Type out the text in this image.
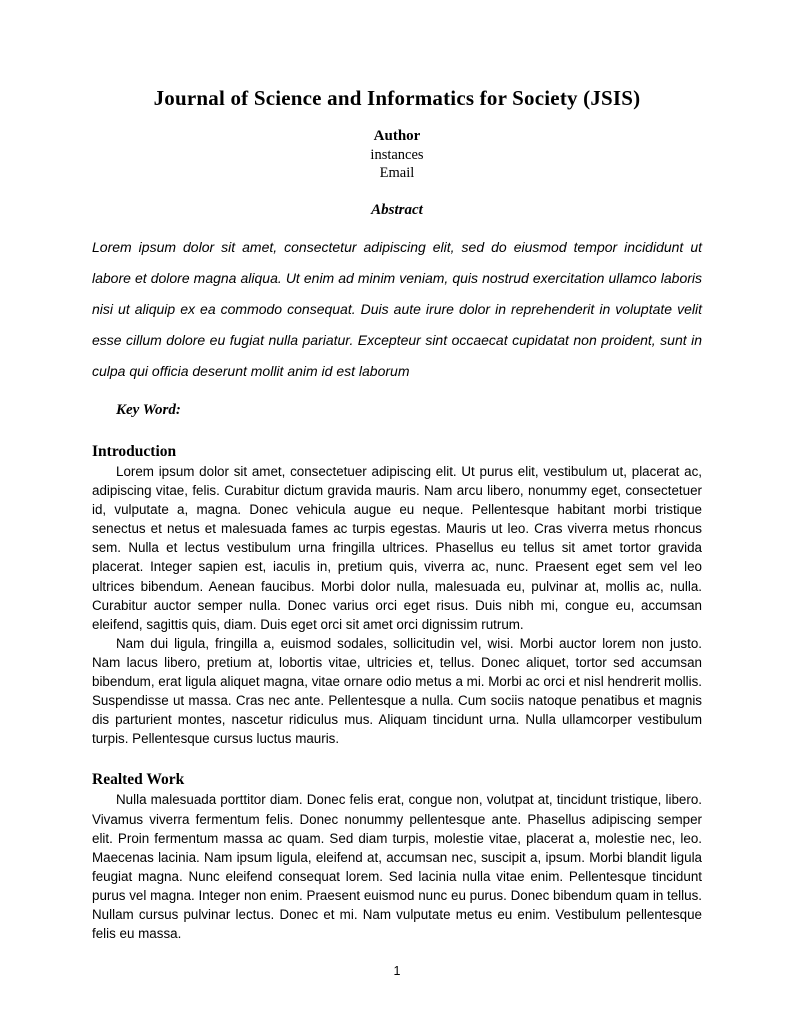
Journal of Science and Informatics for Society (JSIS)
Author
instances
Email
Abstract

Lorem ipsum dolor sit amet, consectetur adipiscing elit, sed do eiusmod tempor incididunt ut labore et dolore magna aliqua. Ut enim ad minim veniam, quis nostrud exercitation ullamco laboris nisi ut aliquip ex ea commodo consequat. Duis aute irure dolor in reprehenderit in voluptate velit esse cillum dolore eu fugiat nulla pariatur. Excepteur sint occaecat cupidatat non proident, sunt in culpa qui officia deserunt mollit anim id est laborum

Key Word:
Introduction

Lorem ipsum dolor sit amet, consectetuer adipiscing elit. Ut purus elit, vestibulum ut, placerat ac, adipiscing vitae, felis. Curabitur dictum gravida mauris. Nam arcu libero, nonummy eget, consectetuer id, vulputate a, magna. Donec vehicula augue eu neque. Pellentesque habitant morbi tristique senectus et netus et malesuada fames ac turpis egestas. Mauris ut leo. Cras viverra metus rhoncus sem. Nulla et lectus vestibulum urna fringilla ultrices. Phasellus eu tellus sit amet tortor gravida placerat. Integer sapien est, iaculis in, pretium quis, viverra ac, nunc. Praesent eget sem vel leo ultrices bibendum. Aenean faucibus. Morbi dolor nulla, malesuada eu, pulvinar at, mollis ac, nulla. Curabitur auctor semper nulla. Donec varius orci eget risus. Duis nibh mi, congue eu, accumsan eleifend, sagittis quis, diam. Duis eget orci sit amet orci dignissim rutrum.

Nam dui ligula, fringilla a, euismod sodales, sollicitudin vel, wisi. Morbi auctor lorem non justo. Nam lacus libero, pretium at, lobortis vitae, ultricies et, tellus. Donec aliquet, tortor sed accumsan bibendum, erat ligula aliquet magna, vitae ornare odio metus a mi. Morbi ac orci et nisl hendrerit mollis. Suspendisse ut massa. Cras nec ante. Pellentesque a nulla. Cum sociis natoque penatibus et magnis dis parturient montes, nascetur ridiculus mus. Aliquam tincidunt urna. Nulla ullamcorper vestibulum turpis. Pellentesque cursus luctus mauris.

Realted Work

Nulla malesuada porttitor diam. Donec felis erat, congue non, volutpat at, tincidunt tristique, libero. Vivamus viverra fermentum felis. Donec nonummy pellentesque ante. Phasellus adipiscing semper elit. Proin fermentum massa ac quam. Sed diam turpis, molestie vitae, placerat a, molestie nec, leo. Maecenas lacinia. Nam ipsum ligula, eleifend at, accumsan nec, suscipit a, ipsum. Morbi blandit ligula feugiat magna. Nunc eleifend consequat lorem. Sed lacinia nulla vitae enim. Pellentesque tincidunt purus vel magna. Integer non enim. Praesent euismod nunc eu purus. Donec bibendum quam in tellus. Nullam cursus pulvinar lectus. Donec et mi. Nam vulputate metus eu enim. Vestibulum pellentesque felis eu massa.

1
